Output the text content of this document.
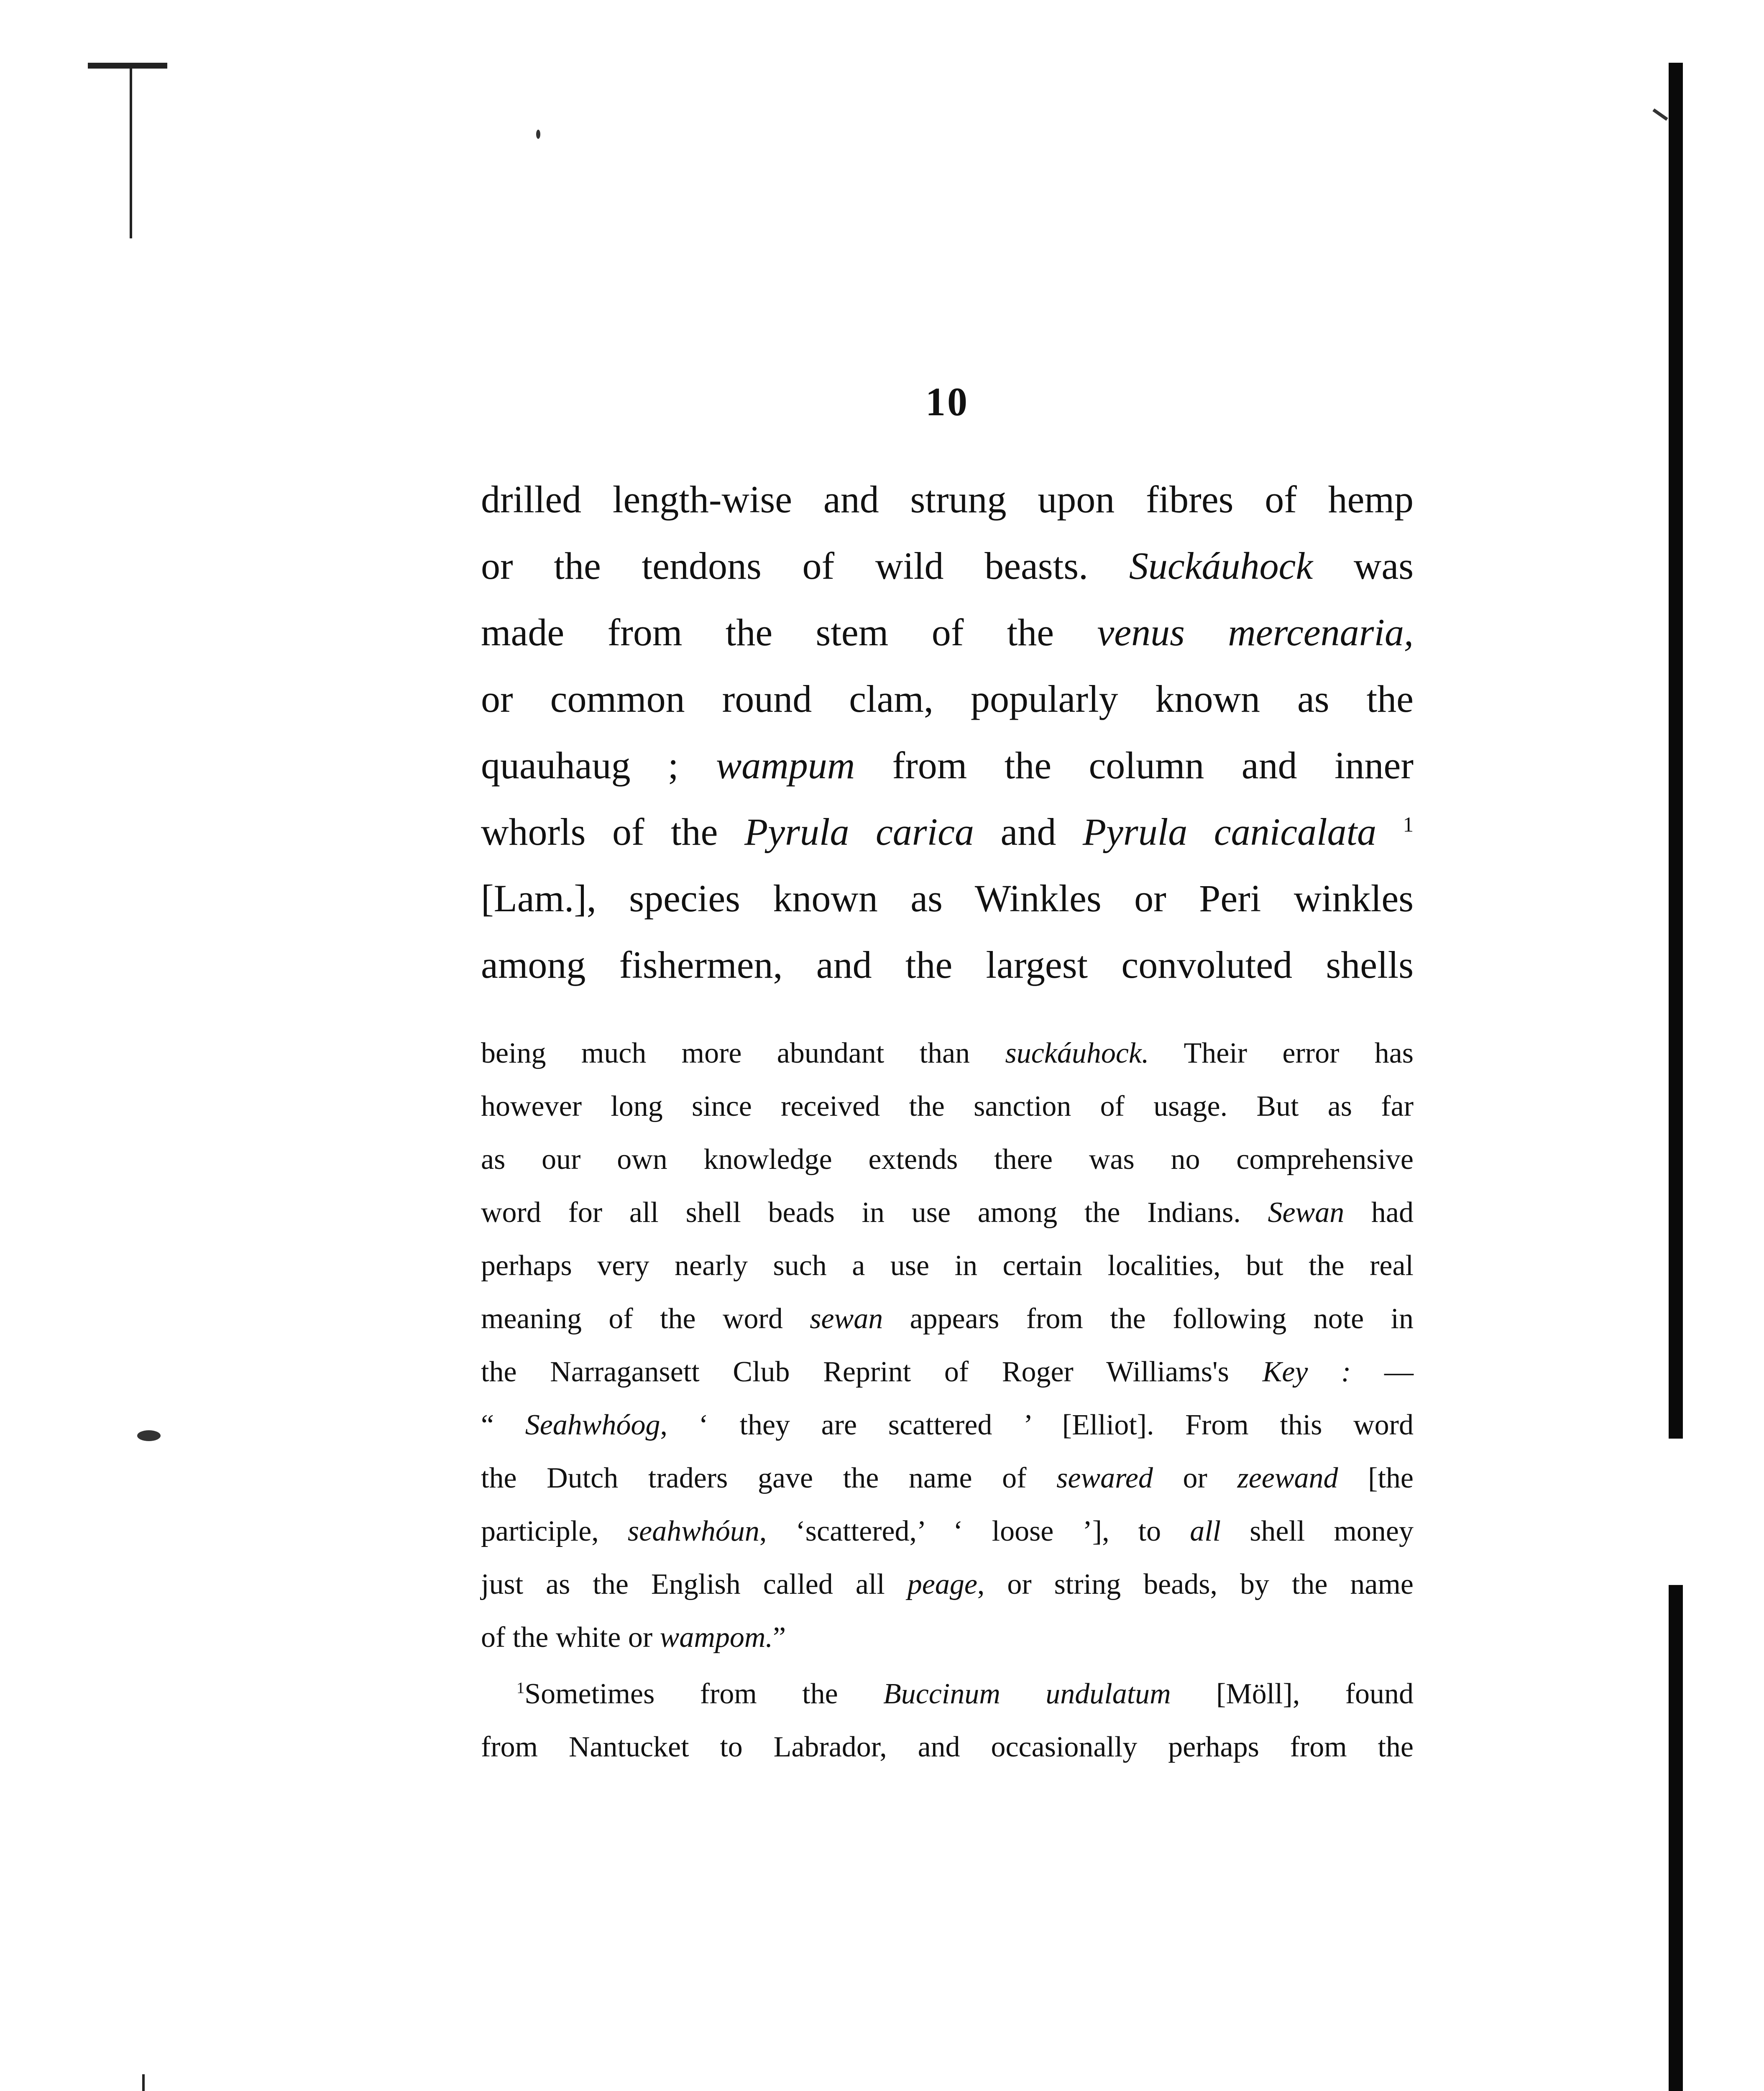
10
drilled length-wise and strung upon fibres of hemp
or the tendons of wild beasts. Suckáuhock was
made from the stem of the venus mercenaria,
or common round clam, popularly known as the
quauhaug ; wampum from the column and inner
whorls of the Pyrula carica and Pyrula canicalata $^1$
[Lam.], species known as Winkles or Peri winkles
among fishermen, and the largest convoluted shells
being much more abundant than suckáuhock. Their error has
however long since received the sanction of usage. But as far
as our own knowledge extends there was no comprehensive
word for all shell beads in use among the Indians. Sewan had
perhaps very nearly such a use in certain localities, but the real
meaning of the word sewan appears from the following note in
the Narragansett Club Reprint of Roger Williams's Key : —
“ Seahwhóog, ‘ they are scattered ’ [Elliot]. From this word
the Dutch traders gave the name of sewared or zeewand [the
participle, seahwhóun, ‘scattered,’ ‘ loose ’], to all shell money
just as the English called all peage, or string beads, by the name
of the white or wampom.”
$^1$Sometimes from the Buccinum undulatum [Möll], found
from Nantucket to Labrador, and occasionally perhaps from the
